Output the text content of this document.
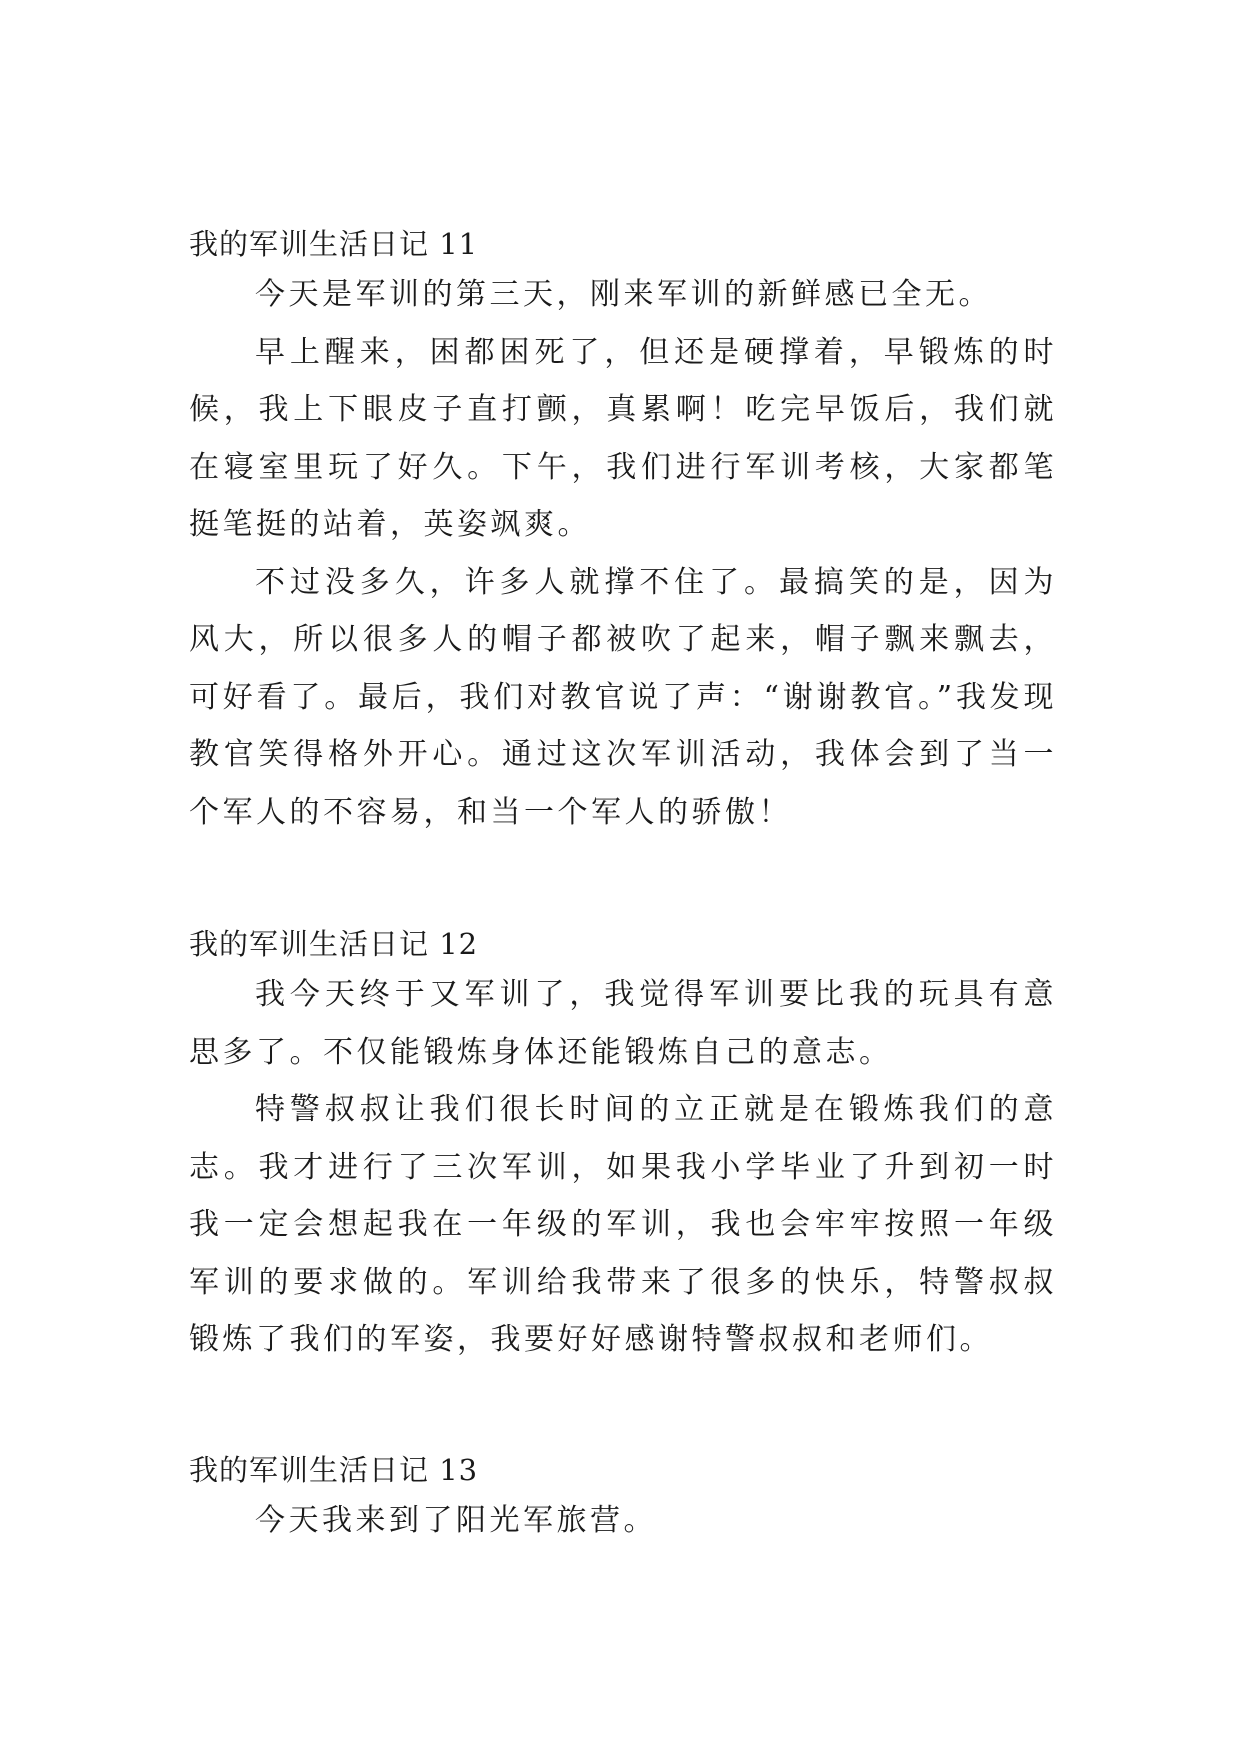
我的军训生活日记 11

今天是军训的第三天，刚来军训的新鲜感已全无。

早上醒来，困都困死了，但还是硬撑着，早锻炼的时候，我上下眼皮子直打颤，真累啊！吃完早饭后，我们就在寝室里玩了好久。下午，我们进行军训考核，大家都笔挺笔挺的站着，英姿飒爽。

不过没多久，许多人就撑不住了。最搞笑的是，因为风大，所以很多人的帽子都被吹了起来，帽子飘来飘去，可好看了。最后，我们对教官说了声：“谢谢教官。”我发现教官笑得格外开心。通过这次军训活动，我体会到了当一个军人的不容易，和当一个军人的骄傲！

我的军训生活日记 12

我今天终于又军训了，我觉得军训要比我的玩具有意思多了。不仅能锻炼身体还能锻炼自己的意志。

特警叔叔让我们很长时间的立正就是在锻炼我们的意志。我才进行了三次军训，如果我小学毕业了升到初一时我一定会想起我在一年级的军训，我也会牢牢按照一年级军训的要求做的。军训给我带来了很多的快乐，特警叔叔锻炼了我们的军姿，我要好好感谢特警叔叔和老师们。

我的军训生活日记 13

今天我来到了阳光军旅营。
